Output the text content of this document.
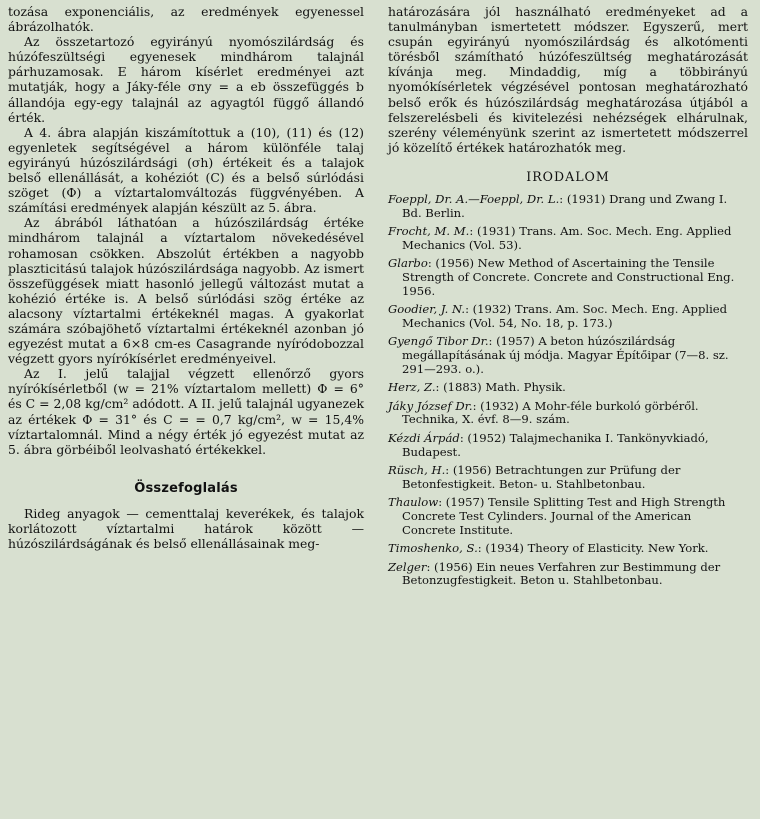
tozása exponenciális, az eredmények egyenessel ábrázolhatók.

Az összetartozó egyirányú nyomószilárdság és húzófeszültségi egyenesek mindhárom talajnál párhuzamosak. E három kísérlet eredményei azt mutatják, hogy a Jáky-féle σny = a eb összefüggés b állandója egy-egy talajnál az agyagtól függő állandó érték.

A 4. ábra alapján kiszámítottuk a (10), (11) és (12) egyenletek segítségével a három különféle talaj egyirányú húzószilárdsági (σh) értékeit és a talajok belső ellenállását, a kohéziót (C) és a belső súrlódási szöget (Φ) a víztartalomváltozás függvényében. A számítási eredmények alapján készült az 5. ábra.

Az ábrából láthatóan a húzószilárdság értéke mindhárom talajnál a víztartalom növekedésével rohamosan csökken. Abszolút értékben a nagyobb plaszticitású talajok húzószilárdsága nagyobb. Az ismert összefüggések miatt hasonló jellegű változást mutat a kohézió értéke is. A belső súrlódási szög értéke az alacsony víztartalmi értékeknél magas. A gyakorlat számára szóbajöhető víztartalmi értékeknél azonban jó egyezést mutat a 6×8 cm-es Casagrande nyíródobozzal végzett gyors nyírókísérlet eredményeivel.

Az I. jelű talajjal végzett ellenőrző gyors nyírókísérletből (w = 21% víztartalom mellett) Φ = 6° és C = 2,08 kg/cm² adódott. A II. jelű talajnál ugyanezek az értékek Φ = 31° és C = = 0,7 kg/cm², w = 15,4% víztartalomnál. Mind a négy érték jó egyezést mutat az 5. ábra görbéiből leolvasható értékekkel.

Összefoglalás

Rideg anyagok — cementtalaj keverékek, és talajok korlátozott víztartalmi határok között — húzószilárdságának és belső ellenállásainak meg-

határozására jól használható eredményeket ad a tanulmányban ismertetett módszer. Egyszerű, mert csupán egyirányú nyomószilárdság és alkotómenti törésből számítható húzófeszültség meghatározását kívánja meg. Mindaddig, míg a többirányú nyomókísérletek végzésével pontosan meghatározható belső erők és húzószilárdság meghatározása útjából a felszerelésbeli és kivitelezési nehézségek elhárulnak, szerény véleményünk szerint az ismertetett módszerrel jó közelítő értékek határozhatók meg.

IRODALOM

Foeppl, Dr. A.—Foeppl, Dr. L.: (1931) Drang und Zwang I. Bd. Berlin.

Frocht, M. M.: (1931) Trans. Am. Soc. Mech. Eng. Applied Mechanics (Vol. 53).

Glarbo: (1956) New Method of Ascertaining the Tensile Strength of Concrete. Concrete and Constructional Eng. 1956.

Goodier, J. N.: (1932) Trans. Am. Soc. Mech. Eng. Applied Mechanics (Vol. 54, No. 18, p. 173.)

Gyengő Tibor Dr.: (1957) A beton húzószilárdság megállapításának új módja. Magyar Építőipar (7—8. sz. 291—293. o.).

Herz, Z.: (1883) Math. Physik.

Jáky József Dr.: (1932) A Mohr-féle burkoló görbéről. Technika, X. évf. 8—9. szám.

Kézdi Árpád: (1952) Talajmechanika I. Tankönyvkiadó, Budapest.

Rüsch, H.: (1956) Betrachtungen zur Prüfung der Betonfestigkeit. Beton- u. Stahlbetonbau.

Thaulow: (1957) Tensile Splitting Test and High Strength Concrete Test Cylinders. Journal of the American Concrete Institute.

Timoshenko, S.: (1934) Theory of Elasticity. New York.

Zelger: (1956) Ein neues Verfahren zur Bestimmung der Betonzugfestigkeit. Beton u. Stahlbetonbau.
